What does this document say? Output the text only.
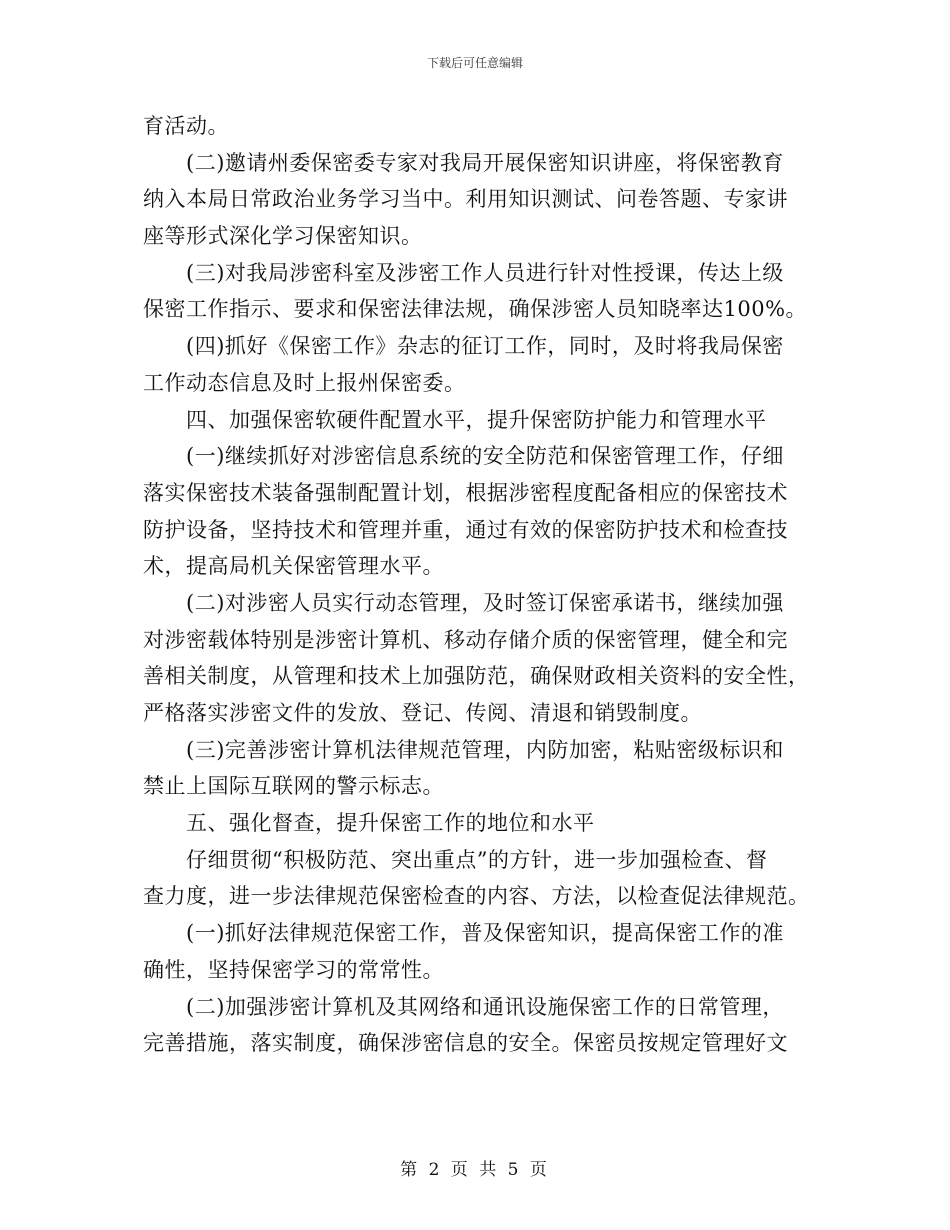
下载后可任意编辑

育活动。
　　(二)邀请州委保密委专家对我局开展保密知识讲座，将保密教育
纳入本局日常政治业务学习当中。利用知识测试、问卷答题、专家讲
座等形式深化学习保密知识。
　　(三)对我局涉密科室及涉密工作人员进行针对性授课，传达上级
保密工作指示、要求和保密法律法规，确保涉密人员知晓率达100%。
　　(四)抓好《保密工作》杂志的征订工作，同时，及时将我局保密
工作动态信息及时上报州保密委。
　　四、加强保密软硬件配置水平，提升保密防护能力和管理水平
　　(一)继续抓好对涉密信息系统的安全防范和保密管理工作，仔细
落实保密技术装备强制配置计划，根据涉密程度配备相应的保密技术
防护设备，坚持技术和管理并重，通过有效的保密防护技术和检查技
术，提高局机关保密管理水平。
　　(二)对涉密人员实行动态管理，及时签订保密承诺书，继续加强
对涉密载体特别是涉密计算机、移动存储介质的保密管理，健全和完
善相关制度，从管理和技术上加强防范，确保财政相关资料的安全性，
严格落实涉密文件的发放、登记、传阅、清退和销毁制度。
　　(三)完善涉密计算机法律规范管理，内防加密，粘贴密级标识和
禁止上国际互联网的警示标志。
　　五、强化督查，提升保密工作的地位和水平
　　仔细贯彻“积极防范、突出重点”的方针，进一步加强检查、督
查力度，进一步法律规范保密检查的内容、方法，以检查促法律规范。
　　(一)抓好法律规范保密工作，普及保密知识，提高保密工作的准
确性，坚持保密学习的常常性。
　　(二)加强涉密计算机及其网络和通讯设施保密工作的日常管理，
完善措施，落实制度，确保涉密信息的安全。保密员按规定管理好文

第 2 页 共 5 页
